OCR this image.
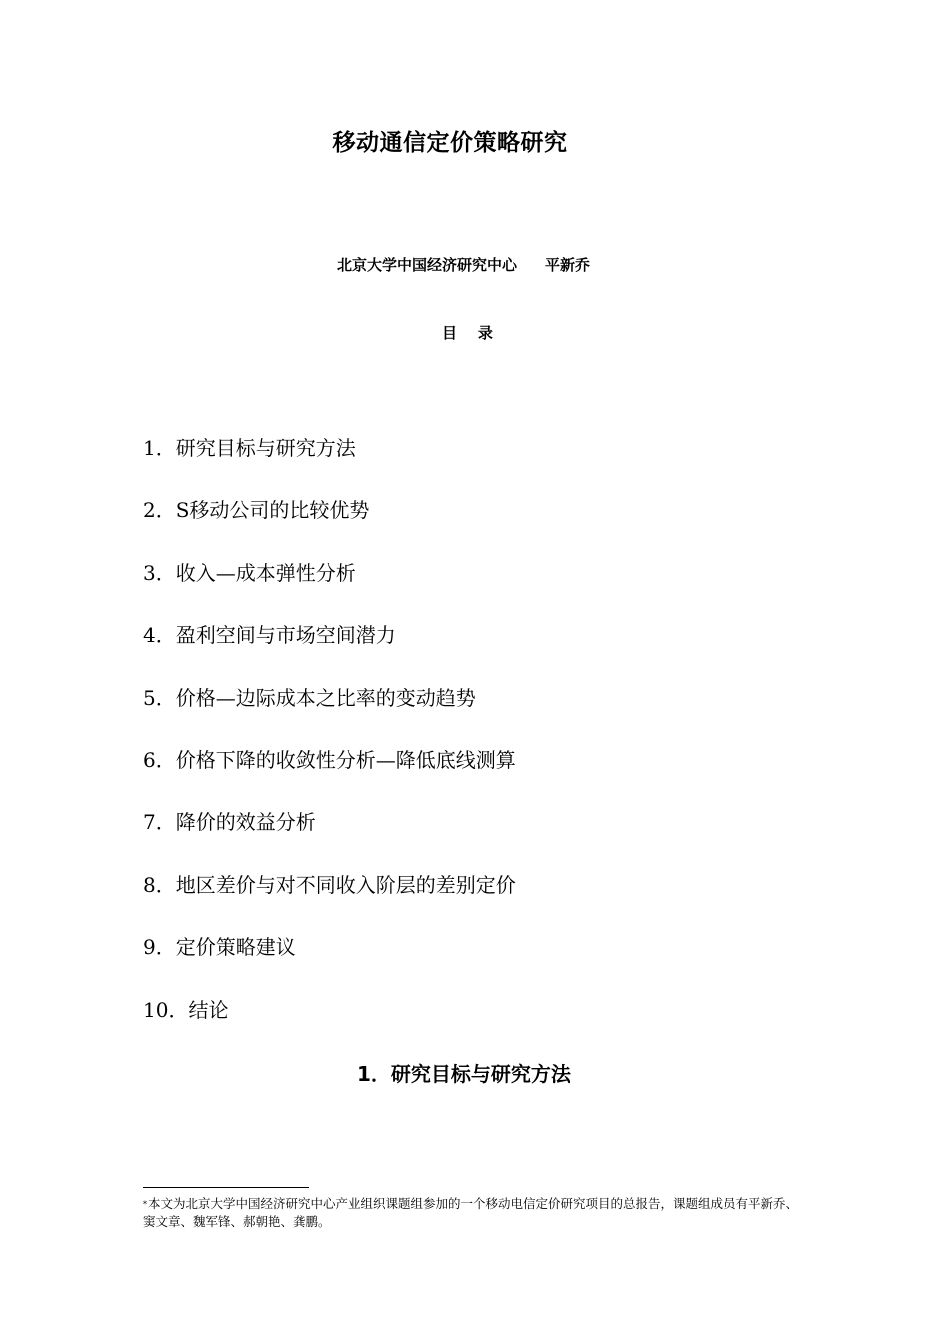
移动通信定价策略研究
北京大学中国经济研究中心 平新乔
目    录
1．研究目标与研究方法
2．S移动公司的比较优势
3．收入—成本弹性分析
4．盈利空间与市场空间潜力
5．价格—边际成本之比率的变动趋势
6．价格下降的收敛性分析—降低底线测算
7．降价的效益分析
8．地区差价与对不同收入阶层的差别定价
9．定价策略建议
10．结论
1．研究目标与研究方法
*本文为北京大学中国经济研究中心产业组织课题组参加的一个移动电信定价研究项目的总报告，课题组成员有平新乔、窦文章、魏军锋、郝朝艳、龚鹏。
